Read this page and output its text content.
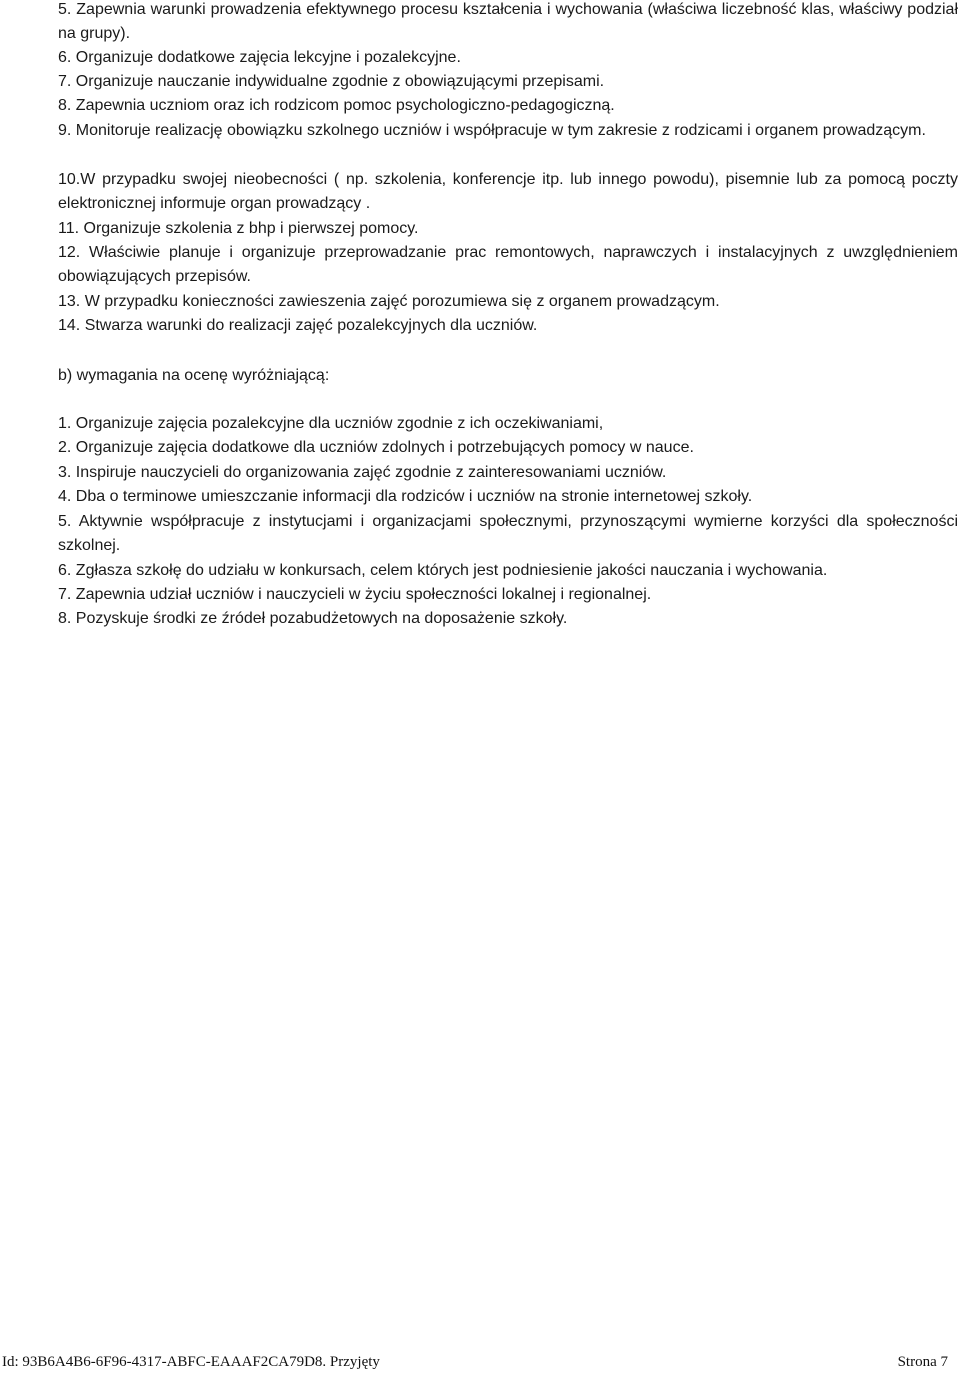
5. Zapewnia warunki prowadzenia efektywnego procesu kształcenia i wychowania (właściwa liczebność klas, właściwy podział na grupy).

6. Organizuje dodatkowe zajęcia lekcyjne i pozalekcyjne.

7. Organizuje nauczanie indywidualne zgodnie z obowiązującymi przepisami.

8. Zapewnia uczniom oraz ich rodzicom pomoc psychologiczno-pedagogiczną.

9. Monitoruje realizację obowiązku szkolnego uczniów i współpracuje w tym zakresie z rodzicami i organem prowadzącym.

10.W przypadku swojej nieobecności ( np. szkolenia, konferencje itp. lub innego powodu), pisemnie lub za pomocą poczty elektronicznej informuje organ prowadzący .

11. Organizuje szkolenia z bhp i pierwszej pomocy.

12. Właściwie planuje i organizuje przeprowadzanie prac remontowych, naprawczych i instalacyjnych z uwzględnieniem obowiązujących przepisów.

13. W przypadku konieczności zawieszenia zajęć porozumiewa się z organem prowadzącym.

14. Stwarza warunki do realizacji zajęć pozalekcyjnych dla uczniów.

b) wymagania na ocenę wyróżniającą:

1. Organizuje zajęcia pozalekcyjne dla uczniów zgodnie z ich oczekiwaniami,

2. Organizuje zajęcia dodatkowe dla uczniów zdolnych i potrzebujących pomocy w nauce.

3. Inspiruje nauczycieli do organizowania zajęć zgodnie z zainteresowaniami uczniów.

4. Dba o terminowe umieszczanie informacji dla rodziców i uczniów na stronie internetowej szkoły.

5. Aktywnie współpracuje z instytucjami i organizacjami społecznymi, przynoszącymi wymierne korzyści dla społeczności szkolnej.

6. Zgłasza szkołę do udziału w konkursach, celem których jest podniesienie jakości nauczania i wychowania.

7. Zapewnia udział uczniów i nauczycieli w życiu społeczności lokalnej i regionalnej.

8. Pozyskuje środki ze źródeł pozabudżetowych na doposażenie szkoły.

Id: 93B6A4B6-6F96-4317-ABFC-EAAAF2CA79D8. Przyjęty	Strona 7
